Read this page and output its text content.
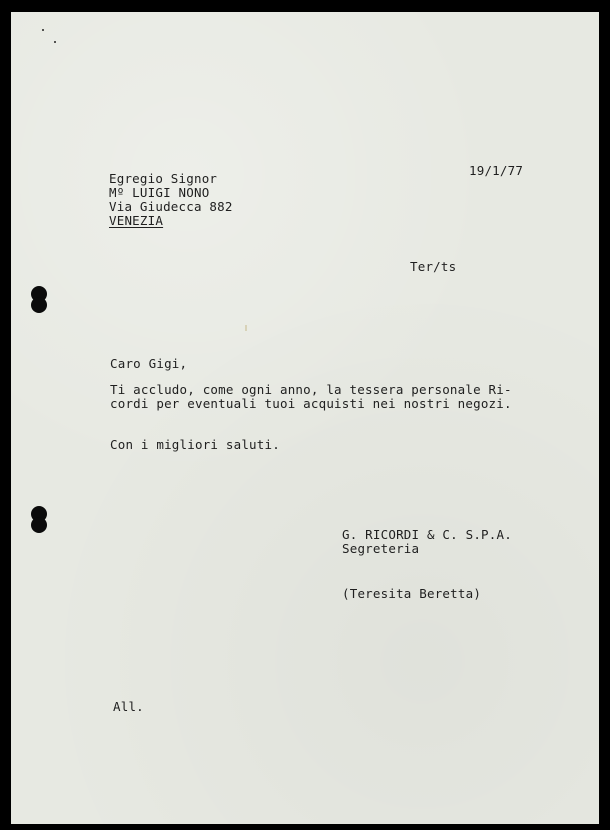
19/1/77
Egregio Signor
Mº LUIGI NONO
Via Giudecca 882
VENEZIA
Ter/ts
Caro Gigi,
Ti accludo, come ogni anno, la tessera personale Ri-
cordi per eventuali tuoi acquisti nei nostri negozi.
Con i migliori saluti.
G. RICORDI & C. S.P.A.
Segreteria
(Teresita Beretta)
All.
